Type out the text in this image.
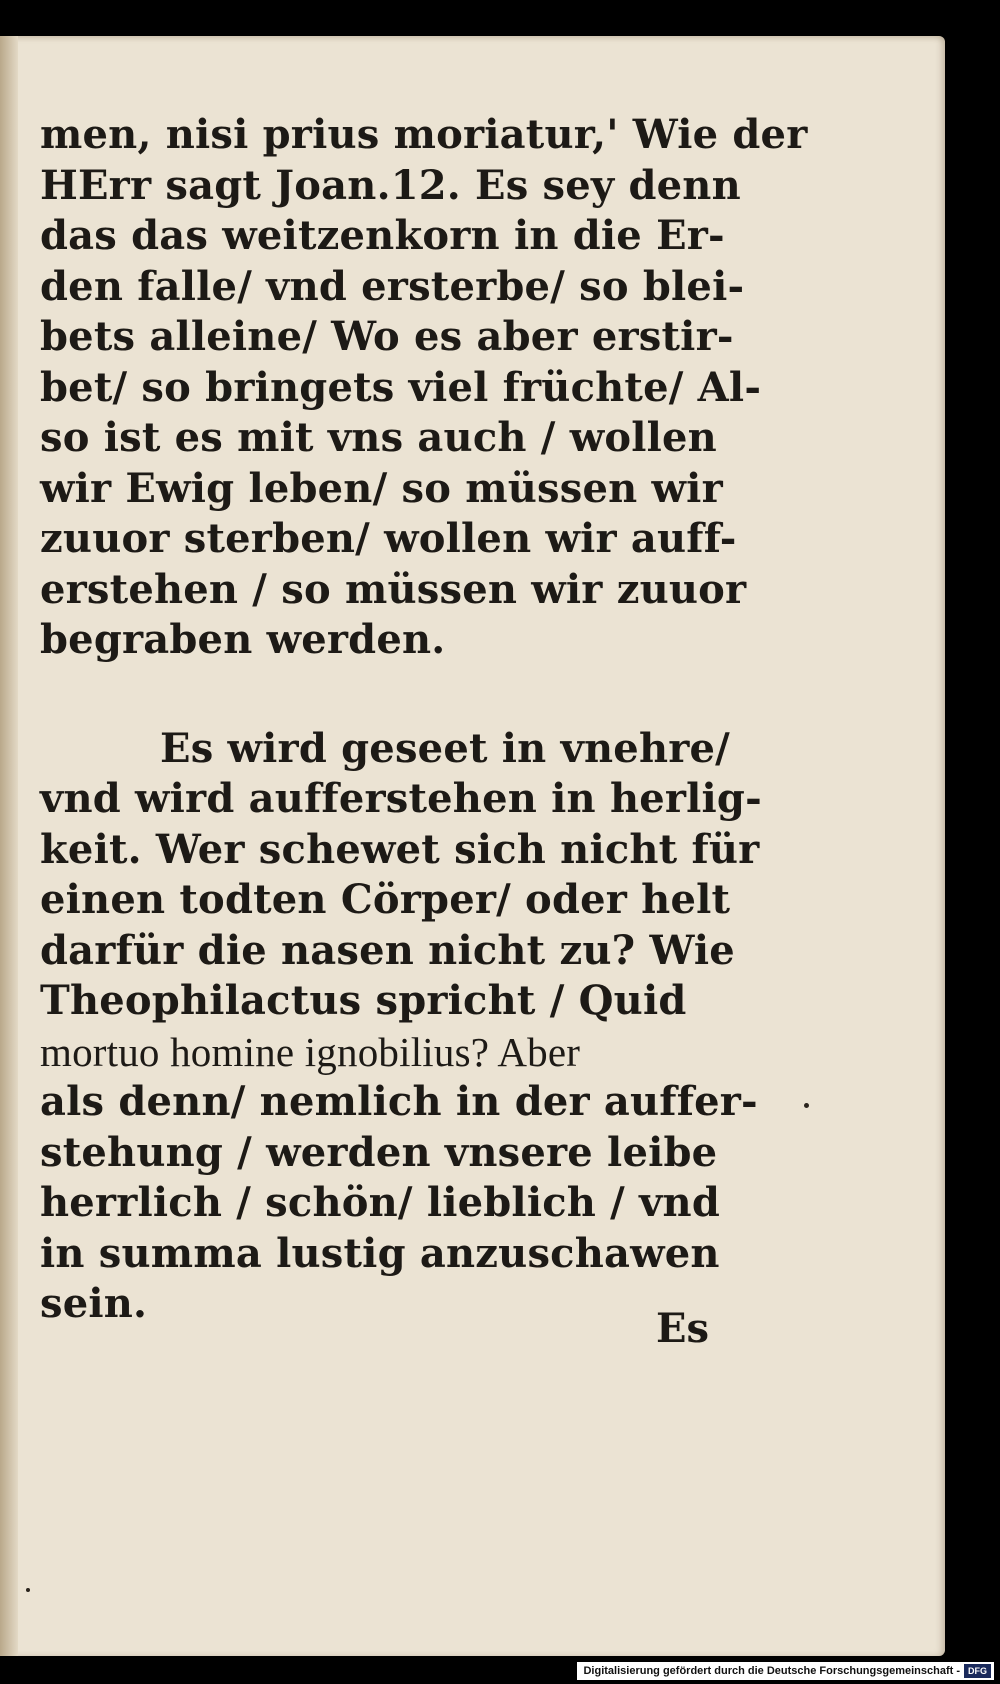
men, nisi prius moriatur,' Wie der
HErr sagt Joan.12. Es sey denn
das das weitzenkorn in die Er-
den falle/ vnd ersterbe/ so blei-
bets alleine/ Wo es aber erstir-
bet/ so bringets viel früchte/ Al-
so ist es mit vns auch / wollen
wir Ewig leben/ so müssen wir
zuuor sterben/ wollen wir auff-
erstehen / so müssen wir zuuor
begraben werden.
Es wird geseet in vnehre/
vnd wird aufferstehen in herlig-
keit. Wer schewet sich nicht für
einen todten Cörper/ oder helt
darfür die nasen nicht zu? Wie
Theophilactus spricht / Quid
mortuo homine ignobilius? Aber
als denn/ nemlich in der auffer-
stehung / werden vnsere leibe
herrlich / schön/ lieblich / vnd
in summa lustig anzuschawen
sein.
Es
Digitalisierung gefördert durch die Deutsche Forschungsgemeinschaft - DFG
